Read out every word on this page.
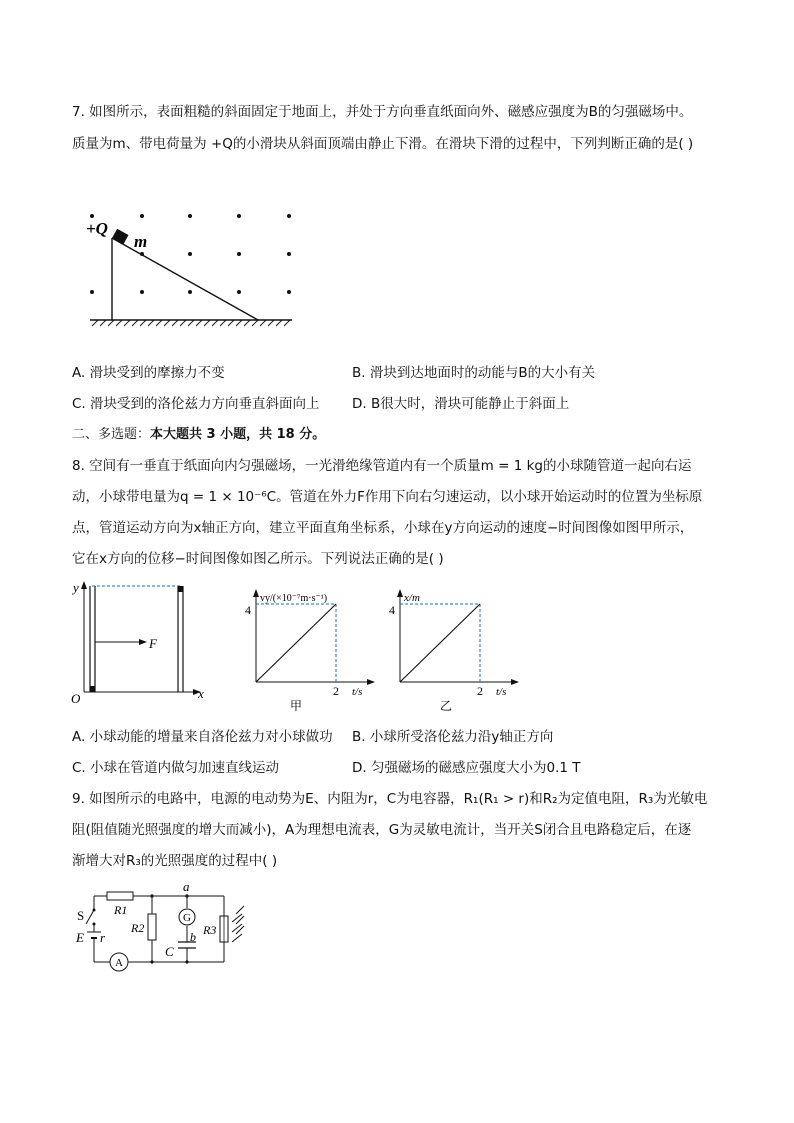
7. 如图所示，表面粗糙的斜面固定于地面上，并处于方向垂直纸面向外、磁感应强度为B的匀强磁场中。
质量为m、带电荷量为 +Q的小滑块从斜面顶端由静止下滑。在滑块下滑的过程中，下列判断正确的是( )
+Q
m
A. 滑块受到的摩擦力不变	B. 滑块到达地面时的动能与B的大小有关
C. 滑块受到的洛伦兹力方向垂直斜面向上 D. B很大时，滑块可能静止于斜面上
二、多选题：本大题共 3 小题，共 18 分。
8. 空间有一垂直于纸面向内匀强磁场，一光滑绝缘管道内有一个质量m = 1 kg的小球随管道一起向右运
动，小球带电量为q = 1 × 10⁻⁶C。管道在外力F作用下向右匀速运动，以小球开始运动时的位置为坐标原
点，管道运动方向为x轴正方向，建立平面直角坐标系，小球在y方向运动的速度−时间图像如图甲所示，
它在x方向的位移−时间图像如图乙所示。下列说法正确的是( )
F
y
x
O
vy/(×10⁻⁷m·s⁻¹)
4
2 t/s
甲
x/m
4
2 t/s
乙
A. 小球动能的增量来自洛伦兹力对小球做功 B. 小球所受洛伦兹力沿y轴正方向
C. 小球在管道内做匀加速直线运动	D. 匀强磁场的磁感应强度大小为0.1 T
9. 如图所示的电路中，电源的电动势为E、内阻为r，C为电容器，R₁(R₁ > r)和R₂为定值电阻，R₃为光敏电
阻(阻值随光照强度的增大而减小)，A为理想电流表，G为灵敏电流计，当开关S闭合且电路稳定后，在逐
渐增大对R₃的光照强度的过程中( )
G
A
S
E r
R1
R2	R3
C
a
b
